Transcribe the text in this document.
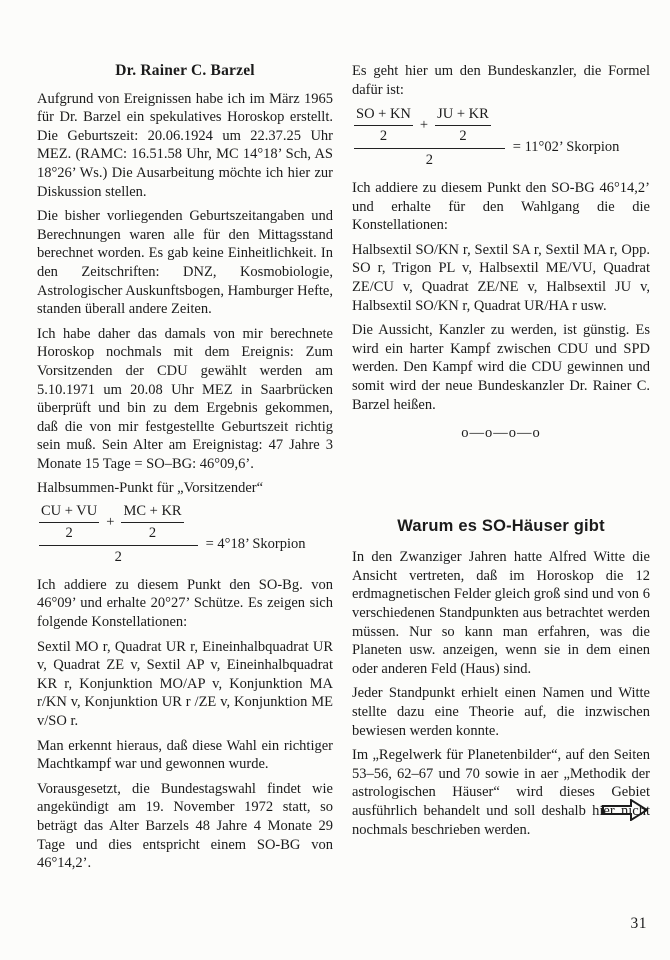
Dr. Rainer C. Barzel

Aufgrund von Ereignissen habe ich im März 1965 für Dr. Barzel ein spekulatives Horoskop erstellt. Die Geburtszeit: 20.06.1924 um 22.37.25 Uhr MEZ. (RAMC: 16.51.58 Uhr, MC 14°18’ Sch, AS 18°26’ Ws.) Die Ausarbeitung möchte ich hier zur Diskussion stellen.

Die bisher vorliegenden Geburtszeitangaben und Berechnungen waren alle für den Mittagsstand berechnet worden. Es gab keine Einheitlichkeit. In den Zeitschriften: DNZ, Kosmobiologie, Astrologischer Auskunftsbogen, Hamburger Hefte, standen überall andere Zeiten.

Ich habe daher das damals von mir berechnete Horoskop nochmals mit dem Ereignis: Zum Vorsitzenden der CDU gewählt werden am 5.10.1971 um 20.08 Uhr MEZ in Saarbrücken überprüft und bin zu dem Ergebnis gekommen, daß die von mir festgestellte Geburtszeit richtig sein muß. Sein Alter am Ereignistag: 47 Jahre 3 Monate 15 Tage = SO–BG: 46°09,6’.

Halbsummen-Punkt für „Vorsitzender“

$\frac{CU + VU}{2} + \frac{MC + KR}{2}$
2
= 4°18’ Skorpion

Ich addiere zu diesem Punkt den SO-Bg. von 46°09’ und erhalte 20°27’ Schütze. Es zeigen sich folgende Konstellationen:

Sextil MO r, Quadrat UR r, Eineinhalbquadrat UR v, Quadrat ZE v, Sextil AP v, Eineinhalbquadrat KR r, Konjunktion MO/AP v, Konjunktion MA r/KN v, Konjunktion UR r /ZE v, Konjunktion ME v/SO r.

Man erkennt hieraus, daß diese Wahl ein richtiger Machtkampf war und gewonnen wurde.

Vorausgesetzt, die Bundestagswahl findet wie angekündigt am 19. November 1972 statt, so beträgt das Alter Barzels 48 Jahre 4 Monate 29 Tage und dies entspricht einem SO-BG von 46°14,2’.

Es geht hier um den Bundeskanzler, die Formel dafür ist:

$\frac{SO + KN}{2} + \frac{JU + KR}{2}$
2
= 11°02’ Skorpion

Ich addiere zu diesem Punkt den SO-BG 46°14,2’ und erhalte für den Wahlgang die die Konstellationen:

Halbsextil SO/KN r, Sextil SA r, Sextil MA r, Opp. SO r, Trigon PL v, Halbsextil ME/VU, Quadrat ZE/CU v, Quadrat ZE/NE v, Halbsextil JU v, Halbsextil SO/KN r, Quadrat UR/HA r usw.

Die Aussicht, Kanzler zu werden, ist günstig. Es wird ein harter Kampf zwischen CDU und SPD werden. Den Kampf wird die CDU gewinnen und somit wird der neue Bundeskanzler Dr. Rainer C. Barzel heißen.

o—o—o—o
Warum es SO-Häuser gibt

In den Zwanziger Jahren hatte Alfred Witte die Ansicht vertreten, daß im Horoskop die 12 erdmagnetischen Felder gleich groß sind und von 6 verschiedenen Standpunkten aus betrachtet werden müssen. Nur so kann man erfahren, was die Planeten usw. anzeigen, wenn sie in dem einen oder anderen Feld (Haus) sind.

Jeder Standpunkt erhielt einen Namen und Witte stellte dazu eine Theorie auf, die inzwischen bewiesen werden konnte.

Im „Regelwerk für Planetenbilder“, auf den Seiten 53–56, 62–67 und 70 sowie in aer „Methodik der astrologischen Häuser“ wird dieses Gebiet ausführlich behandelt und soll deshalb hier nicht nochmals beschrieben werden.

31
